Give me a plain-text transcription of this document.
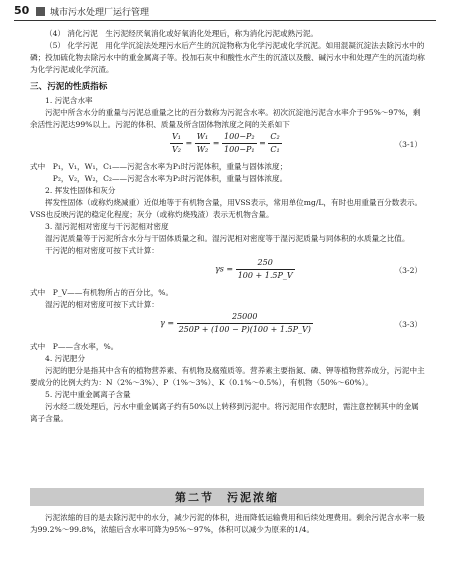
50 城市污水处理厂运行管理

（4） 消化污泥　生污泥经厌氧消化或好氧消化处理后，称为消化污泥或熟污泥。

（5） 化学污泥　用化学沉淀法处理污水后产生的沉淀物称为化学污泥或化学沉泥。如用混凝沉淀法去除污水中的磷；投加硫化物去除污水中的重金属离子等。投加石灰中和酸性水产生的沉渣以及酸、碱污水中和处理产生的沉渣均称为化学污泥或化学沉渣。

三、污泥的性质指标

1. 污泥含水率

污泥中所含水分的重量与污泥总重量之比的百分数称为污泥含水率。初次沉淀池污泥含水率介于95%～97%，剩余活性污泥达99%以上。污泥的体积、质量及所含固体物浓度之间的关系如下

$\frac{\text{V₁}}{\text{V₂}} = \frac{\text{W₁}}{\text{W₂}} = \frac{\text{100−P₂}}{\text{100−P₁}} = \frac{\text{C₂}}{\text{C₁}}$	（3-1）

式中　P₁，V₁，W₁，C₁——污泥含水率为P₁时污泥体积，重量与固体浓度；

　　　P₂，V₂，W₂，C₂——污泥含水率为P₂时污泥体积，重量与固体浓度。

2. 挥发性固体和灰分

挥发性固体（或称灼烧减重）近似地等于有机物含量，用VSS表示，常用单位mg/L，有时也用重量百分数表示。VSS也反映污泥的稳定化程度；灰分（或称灼烧残渣）表示无机物含量。

3. 湿污泥相对密度与干污泥相对密度

湿污泥质量等于污泥所含水分与干固体质量之和。湿污泥相对密度等于湿污泥质量与同体积的水质量之比值。

干污泥的相对密度可按下式计算：

$\gamma s = \frac{250}{100 + 1.5P\_V}$	（3-2）

式中　P_V——有机物所占的百分比，%。

湿污泥的相对密度可按下式计算：

$\gamma = \frac{25000}{250P + (100 - P)(100 + 1.5P\_V)}$	（3-3）

式中　P——含水率，%。

4. 污泥肥分

污泥的肥分是指其中含有的植物营养素、有机物及腐殖质等。营养素主要指氮、磷、钾等植物营养成分，污泥中主要成分的比例大约为：N（2%～3%）、P（1%～3%）、K（0.1%～0.5%），有机物（50%～60%）。

5. 污泥中重金属离子含量

污水经二级处理后，污水中重金属离子约有50%以上转移到污泥中。将污泥用作农肥时，需注意控制其中的金属离子含量。

第二节　污泥浓缩

污泥浓缩的目的是去除污泥中的水分，减少污泥的体积，进而降低运输费用和后续处理费用。剩余污泥含水率一般为99.2%～99.8%，浓缩后含水率可降为95%～97%，体积可以减少为原来的1/4。
